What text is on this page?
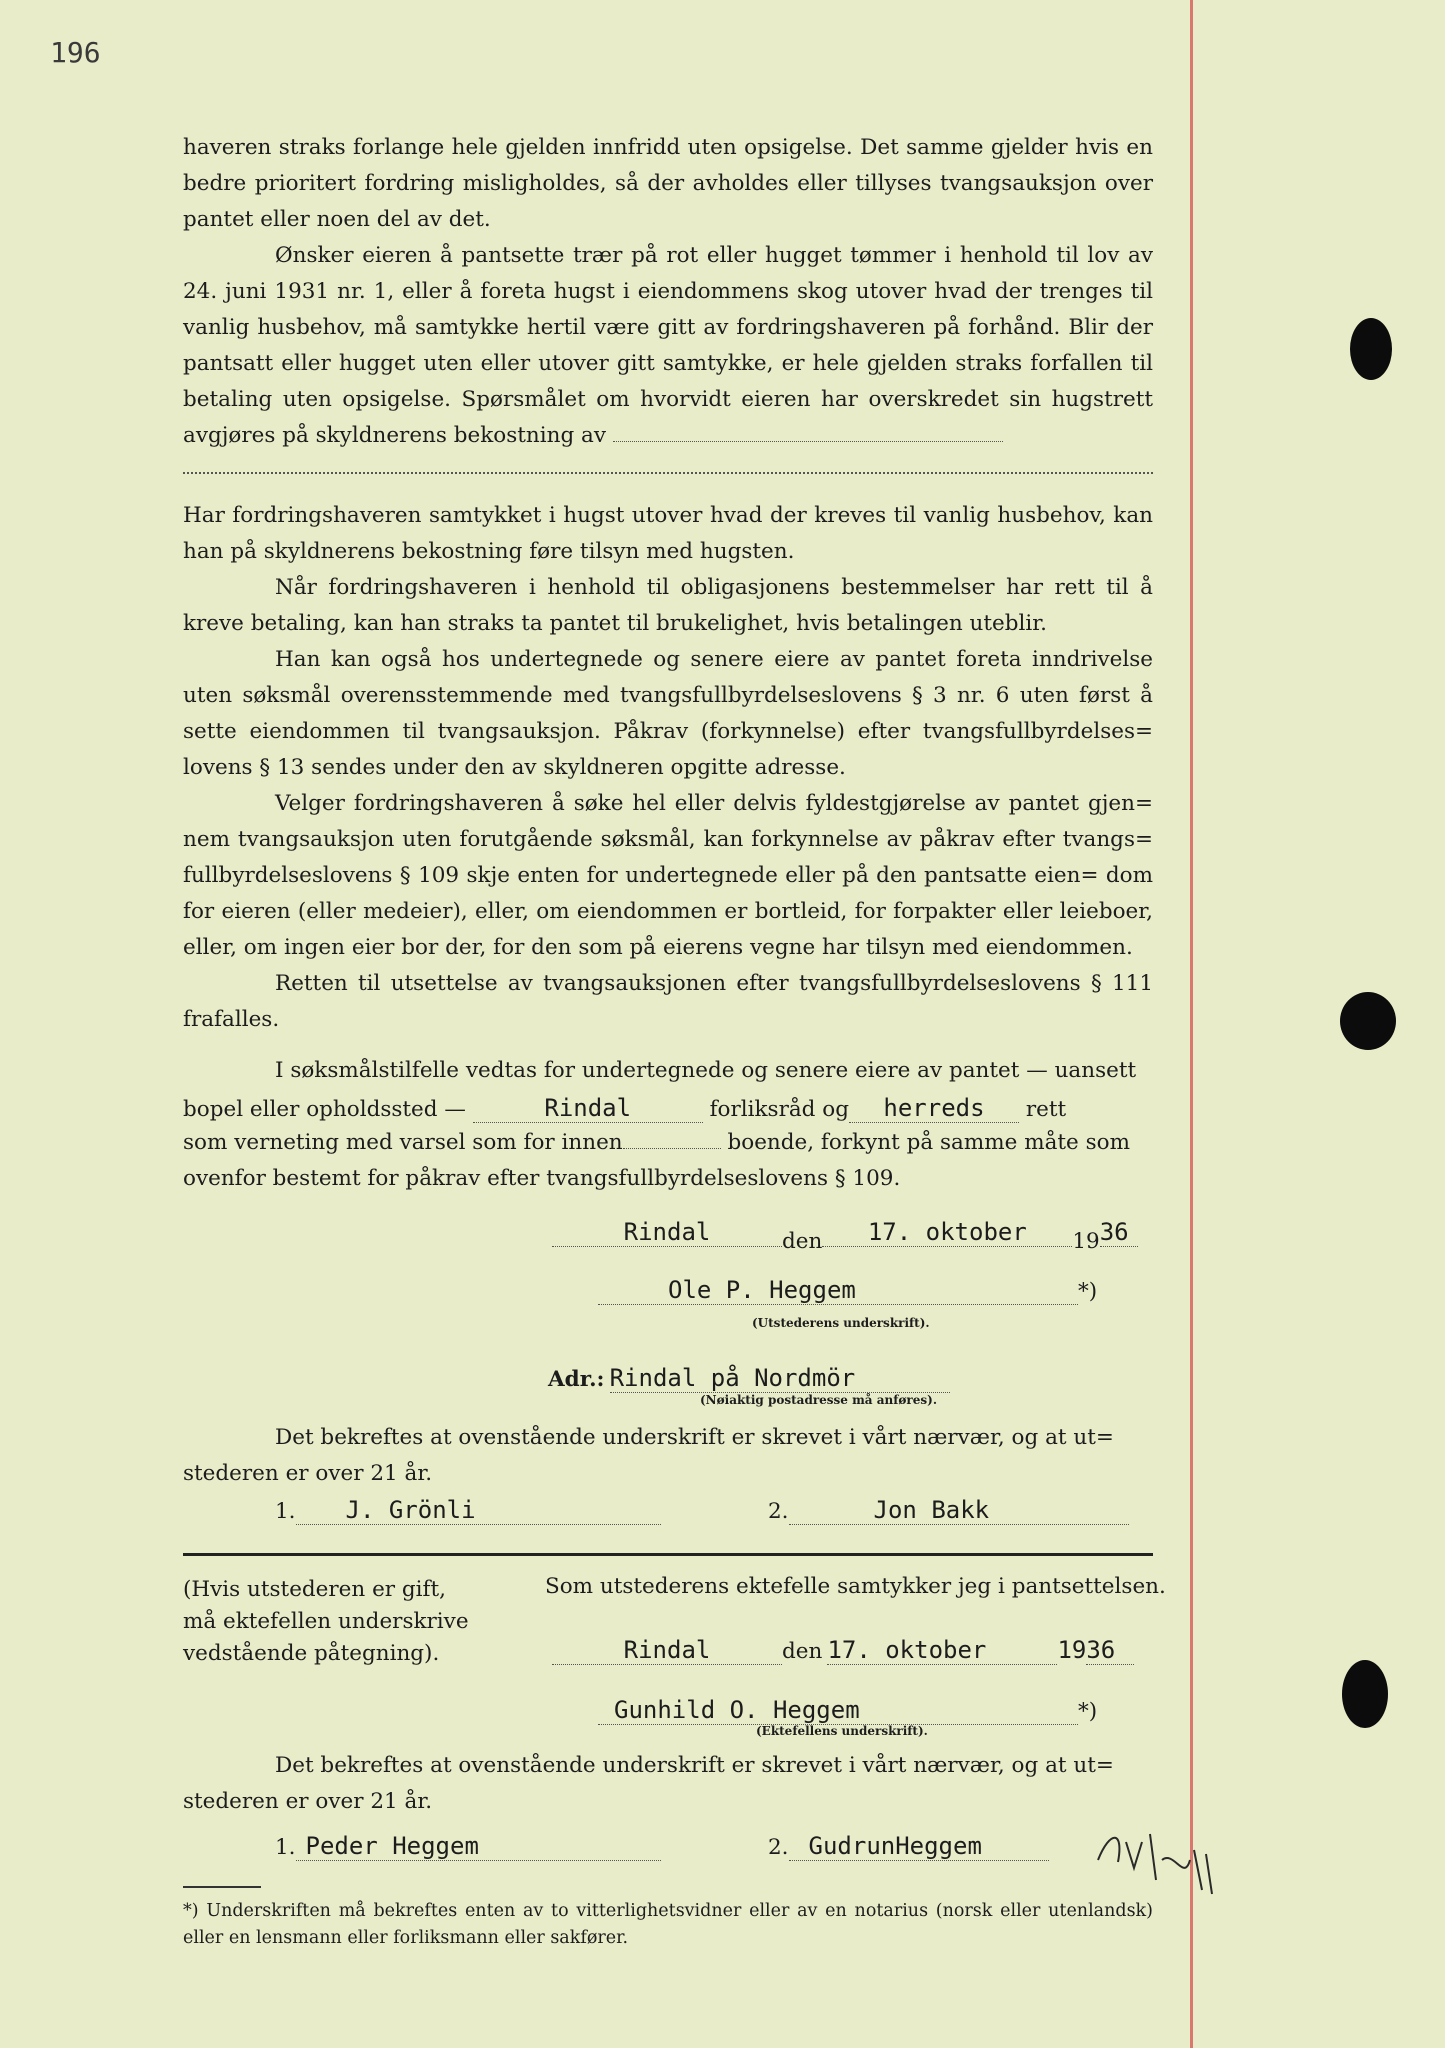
196

haveren straks forlange hele gjelden innfridd uten opsigelse. Det samme gjelder hvis en bedre prioritert fordring misligholdes, så der avholdes eller tillyses tvangsauksjon over pantet eller noen del av det.

Ønsker eieren å pantsette trær på rot eller hugget tømmer i henhold til lov av 24. juni 1931 nr. 1, eller å foreta hugst i eiendommens skog utover hvad der trenges til vanlig husbehov, må samtykke hertil være gitt av fordringshaveren på forhånd. Blir der pantsatt eller hugget uten eller utover gitt samtykke, er hele gjelden straks forfallen til betaling uten opsigelse. Spørsmålet om hvorvidt eieren har overskredet sin hugstrett avgjøres på skyldnerens bekostning av

Har fordringshaveren samtykket i hugst utover hvad der kreves til vanlig husbehov, kan han på skyldnerens bekostning føre tilsyn med hugsten.

Når fordringshaveren i henhold til obligasjonens bestemmelser har rett til å kreve betaling, kan han straks ta pantet til brukelighet, hvis betalingen uteblir.

Han kan også hos undertegnede og senere eiere av pantet foreta inndrivelse uten søksmål overensstemmende med tvangsfullbyrdelseslovens § 3 nr. 6 uten først å sette eiendommen til tvangsauksjon. Påkrav (forkynnelse) efter tvangsfullbyrdelses= lovens § 13 sendes under den av skyldneren opgitte adresse.

Velger fordringshaveren å søke hel eller delvis fyldestgjørelse av pantet gjen= nem tvangsauksjon uten forutgående søksmål, kan forkynnelse av påkrav efter tvangs= fullbyrdelseslovens § 109 skje enten for undertegnede eller på den pantsatte eien= dom for eieren (eller medeier), eller, om eiendommen er bortleid, for forpakter eller leieboer, eller, om ingen eier bor der, for den som på eierens vegne har tilsyn med eiendommen.

Retten til utsettelse av tvangsauksjonen efter tvangsfullbyrdelseslovens § 111 frafalles.

I søksmålstilfelle vedtas for undertegnede og senere eiere av pantet — uansett
bopel eller opholdssted —	Rindal	forliksråd og herreds rett
som verneting med varsel som for innen	boende, forkynt på samme måte som
ovenfor bestemt for påkrav efter tvangsfullbyrdelseslovens § 109.
Rindal	den 17. oktober 1936
Ole P. Heggem	*)
(Utstederens underskrift).
Adr.: Rindal på Nordmör
(Nøiaktig postadresse må anføres).
Det bekreftes at ovenstående underskrift er skrevet i vårt nærvær, og at ut= stederen er over 21 år.
1. J. Grönli	2.	Jon Bakk
(Hvis utstederen er gift, må ektefellen underskrive vedstående påtegning).
Som utstederens ektefelle samtykker jeg i pantsettelsen.
Rindal	den 17. oktober	1936
Gunhild O. Heggem	*)
(Ektefellens underskrift).
Det bekreftes at ovenstående underskrift er skrevet i vårt nærvær, og at ut= stederen er over 21 år.
1. Peder Heggem	2. GudrunHeggem
*) Underskriften må bekreftes enten av to vitterlighetsvidner eller av en notarius (norsk eller utenlandsk) eller en lensmann eller forliksmann eller sakfører.
